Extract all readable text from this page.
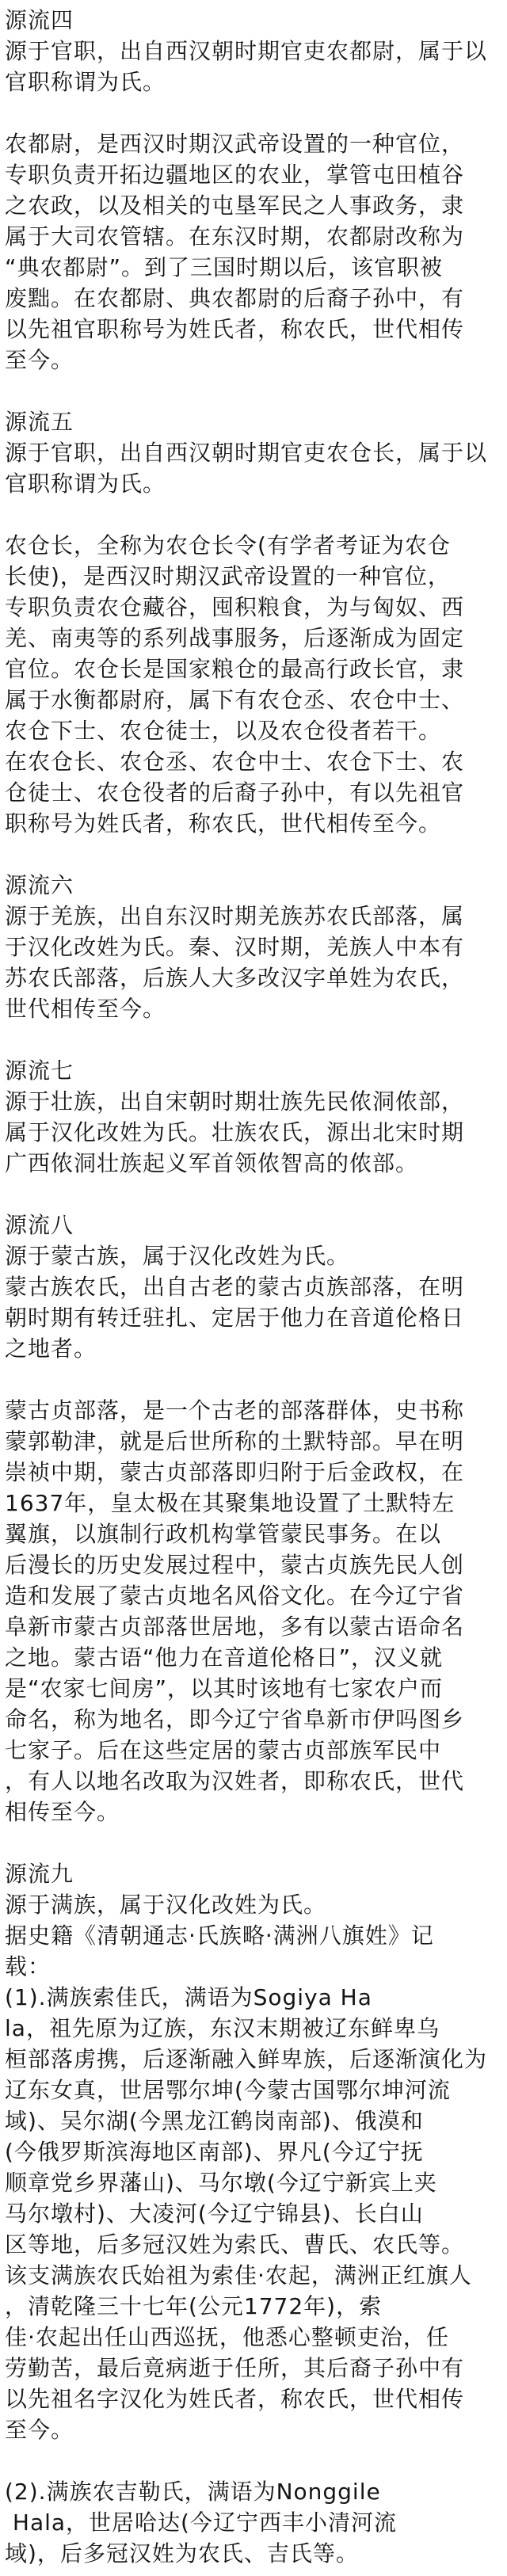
源流四
源于官职，出自西汉朝时期官吏农都尉，属于以
官职称谓为氏。
农都尉，是西汉时期汉武帝设置的一种官位，
专职负责开拓边疆地区的农业，掌管屯田植谷
之农政，以及相关的屯垦军民之人事政务，隶
属于大司农管辖。在东汉时期，农都尉改称为
“典农都尉”。到了三国时期以后，该官职被
废黜。在农都尉、典农都尉的后裔子孙中，有
以先祖官职称号为姓氏者，称农氏，世代相传
至今。
源流五
源于官职，出自西汉朝时期官吏农仓长，属于以
官职称谓为氏。
农仓长，全称为农仓长令(有学者考证为农仓
长使)，是西汉时期汉武帝设置的一种官位，
专职负责农仓藏谷，囤积粮食，为与匈奴、西
羌、南夷等的系列战事服务，后逐渐成为固定
官位。农仓长是国家粮仓的最高行政长官，隶
属于水衡都尉府，属下有农仓丞、农仓中士、
农仓下士、农仓徒士，以及农仓役者若干。
在农仓长、农仓丞、农仓中士、农仓下士、农
仓徒士、农仓役者的后裔子孙中，有以先祖官
职称号为姓氏者，称农氏，世代相传至今。
源流六
源于羌族，出自东汉时期羌族苏农氏部落，属
于汉化改姓为氏。秦、汉时期，羌族人中本有
苏农氏部落，后族人大多改汉字单姓为农氏，
世代相传至今。
源流七
源于壮族，出自宋朝时期壮族先民侬洞侬部，
属于汉化改姓为氏。壮族农氏，源出北宋时期
广西侬洞壮族起义军首领侬智高的侬部。
源流八
源于蒙古族，属于汉化改姓为氏。
蒙古族农氏，出自古老的蒙古贞族部落，在明
朝时期有转迁驻扎、定居于他力在音道伦格日
之地者。
蒙古贞部落，是一个古老的部落群体，史书称
蒙郭勒津，就是后世所称的土默特部。早在明
崇祯中期，蒙古贞部落即归附于后金政权，在
1637年，皇太极在其聚集地设置了土默特左
翼旗，以旗制行政机构掌管蒙民事务。在以
后漫长的历史发展过程中，蒙古贞族先民人创
造和发展了蒙古贞地名风俗文化。在今辽宁省
阜新市蒙古贞部落世居地，多有以蒙古语命名
之地。蒙古语“他力在音道伦格日”，汉义就
是“农家七间房”，以其时该地有七家农户而
命名，称为地名，即今辽宁省阜新市伊吗图乡
七家子。后在这些定居的蒙古贞部族军民中
，有人以地名改取为汉姓者，即称农氏，世代
相传至今。
源流九
源于满族，属于汉化改姓为氏。
据史籍《清朝通志·氏族略·满洲八旗姓》记
载：
(1).满族索佳氏，满语为Sogiya Ha
la，祖先原为辽族，东汉末期被辽东鲜卑乌
桓部落虏携，后逐渐融入鲜卑族，后逐渐演化为
辽东女真，世居鄂尔坤(今蒙古国鄂尔坤河流
域)、吴尔湖(今黑龙江鹤岗南部)、俄漠和
(今俄罗斯滨海地区南部)、界凡(今辽宁抚
顺章党乡界藩山)、马尔墩(今辽宁新宾上夹
马尔墩村)、大凌河(今辽宁锦县)、长白山
区等地，后多冠汉姓为索氏、曹氏、农氏等。
该支满族农氏始祖为索佳·农起，满洲正红旗人
，清乾隆三十七年(公元1772年)，索
佳·农起出任山西巡抚，他悉心整顿吏治，任
劳勤苦，最后竟病逝于任所，其后裔子孙中有
以先祖名字汉化为姓氏者，称农氏，世代相传
至今。
(2).满族农吉勒氏，满语为Nonggile
Hala，世居哈达(今辽宁西丰小清河流
域)，后多冠汉姓为农氏、吉氏等。
